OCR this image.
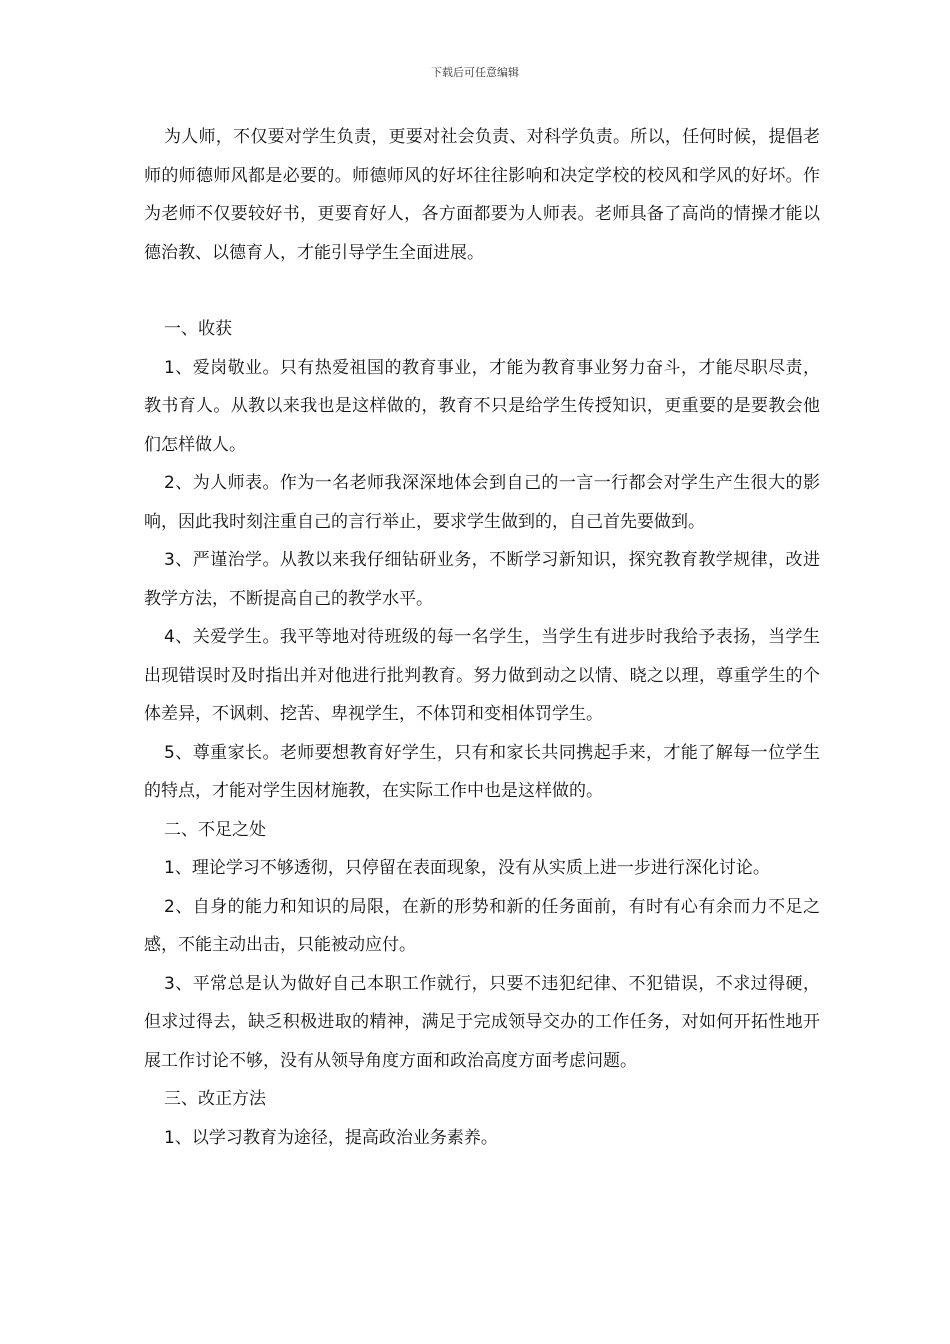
下载后可任意编辑

为人师，不仅要对学生负责，更要对社会负责、对科学负责。所以，任何时候，提倡老师的师德师风都是必要的。师德师风的好坏往往影响和决定学校的校风和学风的好坏。作为老师不仅要较好书，更要育好人，各方面都要为人师表。老师具备了高尚的情操才能以德治教、以德育人，才能引导学生全面进展。

一、收获

1、爱岗敬业。只有热爱祖国的教育事业，才能为教育事业努力奋斗，才能尽职尽责，教书育人。从教以来我也是这样做的，教育不只是给学生传授知识，更重要的是要教会他们怎样做人。

2、为人师表。作为一名老师我深深地体会到自己的一言一行都会对学生产生很大的影响，因此我时刻注重自己的言行举止，要求学生做到的，自己首先要做到。

3、严谨治学。从教以来我仔细钻研业务，不断学习新知识，探究教育教学规律，改进教学方法，不断提高自己的教学水平。

4、关爱学生。我平等地对待班级的每一名学生，当学生有进步时我给予表扬，当学生出现错误时及时指出并对他进行批判教育。努力做到动之以情、晓之以理，尊重学生的个体差异，不讽刺、挖苦、卑视学生，不体罚和变相体罚学生。

5、尊重家长。老师要想教育好学生，只有和家长共同携起手来，才能了解每一位学生的特点，才能对学生因材施教，在实际工作中也是这样做的。

二、不足之处

1、理论学习不够透彻，只停留在表面现象，没有从实质上进一步进行深化讨论。

2、自身的能力和知识的局限，在新的形势和新的任务面前，有时有心有余而力不足之感，不能主动出击，只能被动应付。

3、平常总是认为做好自己本职工作就行，只要不违犯纪律、不犯错误，不求过得硬，但求过得去，缺乏积极进取的精神，满足于完成领导交办的工作任务，对如何开拓性地开展工作讨论不够，没有从领导角度方面和政治高度方面考虑问题。

三、改正方法

1、以学习教育为途径，提高政治业务素养。
